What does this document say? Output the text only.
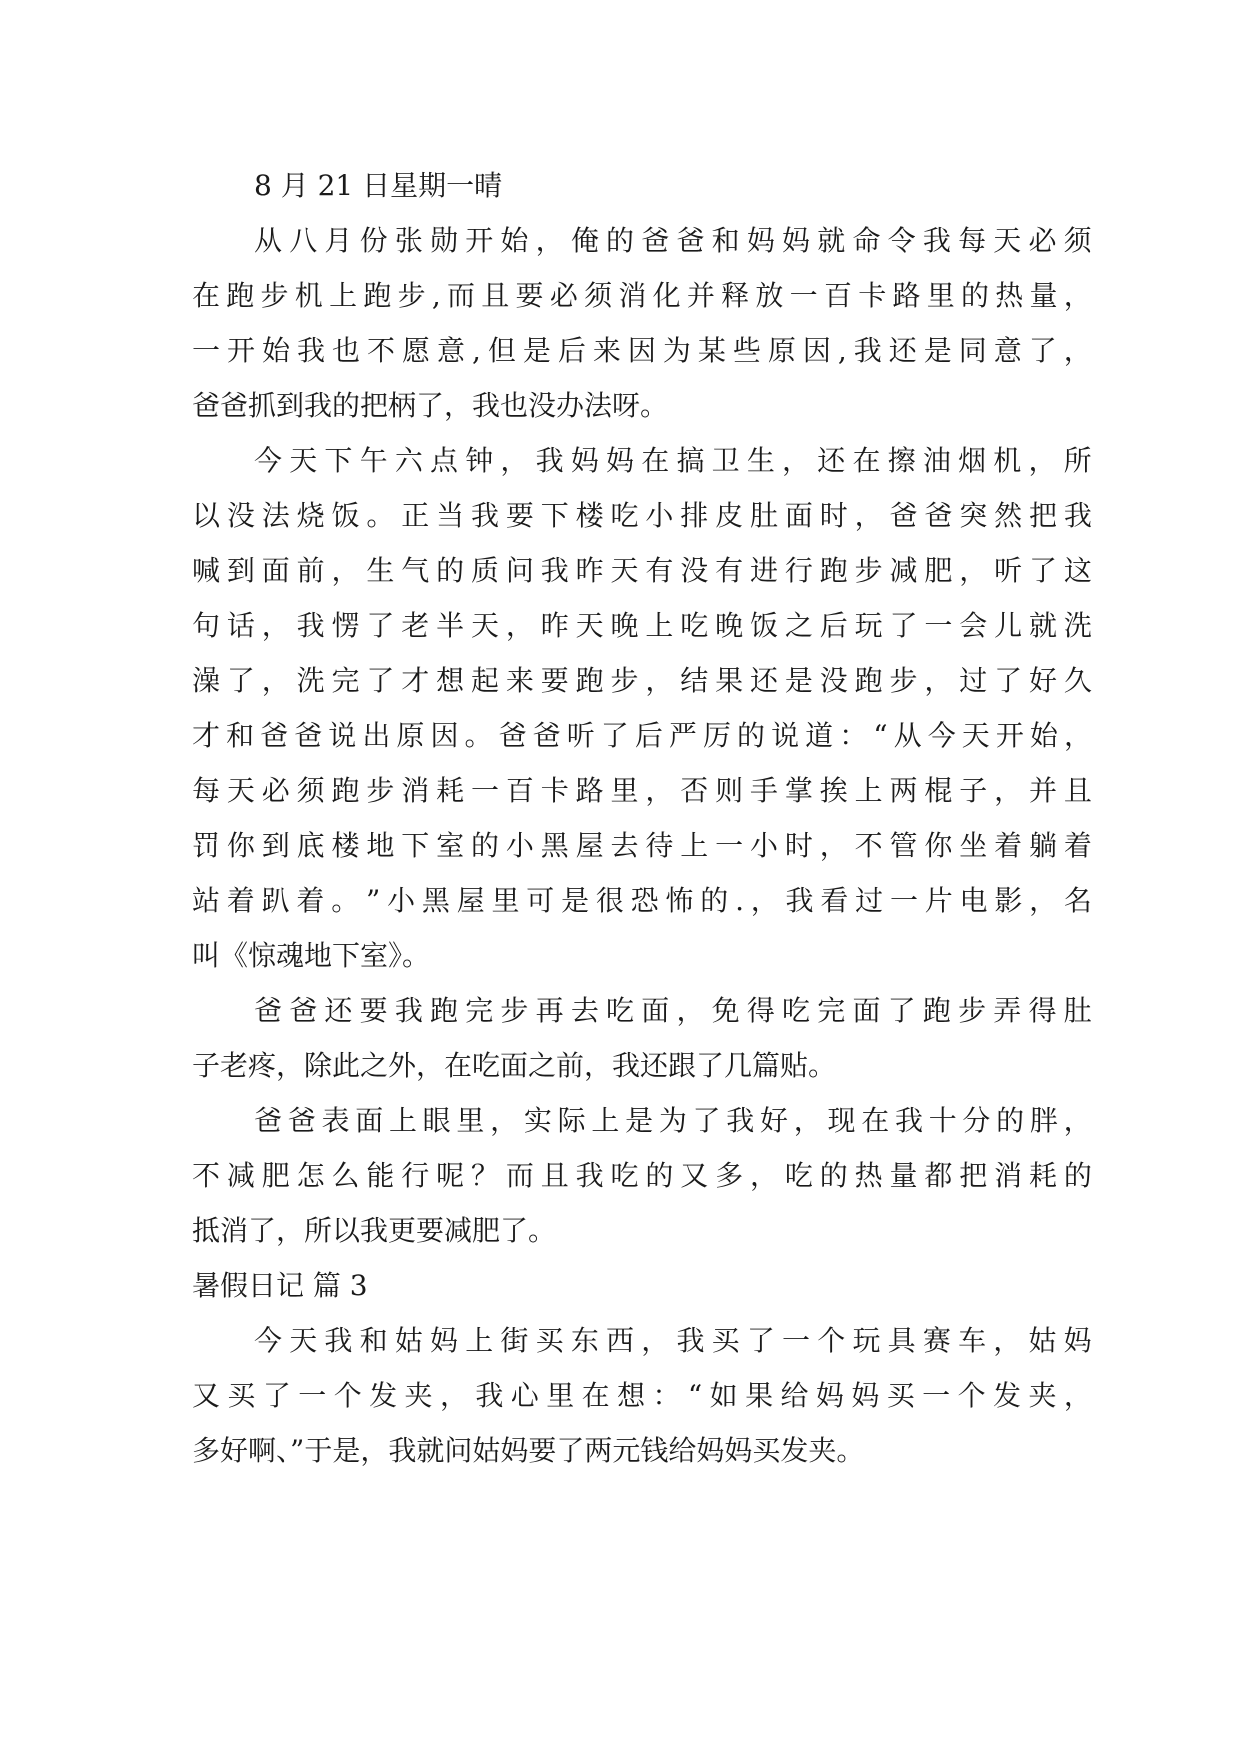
8 月 21 日星期一晴
从 八 月 份 张 勋 开 始 ， 俺 的 爸 爸 和 妈 妈 就 命 令 我 每 天 必 须
在 跑 步 机 上 跑 步 , 而 且 要 必 须 消 化 并 释 放 一 百 卡 路 里 的 热 量 ，
一 开 始 我 也 不 愿 意 , 但 是 后 来 因 为 某 些 原 因 , 我 还 是 同 意 了 ，
爸爸抓到我的把柄了，我也没办法呀。
今 天 下 午 六 点 钟 ， 我 妈 妈 在 搞 卫 生 ， 还 在 擦 油 烟 机 ， 所
以 没 法 烧 饭 。 正 当 我 要 下 楼 吃 小 排 皮 肚 面 时 ， 爸 爸 突 然 把 我
喊 到 面 前 ， 生 气 的 质 问 我 昨 天 有 没 有 进 行 跑 步 减 肥 ， 听 了 这
句 话 ， 我 愣 了 老 半 天 ， 昨 天 晚 上 吃 晚 饭 之 后 玩 了 一 会 儿 就 洗
澡 了 ， 洗 完 了 才 想 起 来 要 跑 步 ， 结 果 还 是 没 跑 步 ， 过 了 好 久
才 和 爸 爸 说 出 原 因 。 爸 爸 听 了 后 严 厉 的 说 道 ： “ 从 今 天 开 始 ，
每 天 必 须 跑 步 消 耗 一 百 卡 路 里 ， 否 则 手 掌 挨 上 两 棍 子 ， 并 且
罚 你 到 底 楼 地 下 室 的 小 黑 屋 去 待 上 一 小 时 ， 不 管 你 坐 着 躺 着
站 着 趴 着 。 ” 小 黑 屋 里 可 是 很 恐 怖 的 . ， 我 看 过 一 片 电 影 ， 名
叫《惊魂地下室》。
爸 爸 还 要 我 跑 完 步 再 去 吃 面 ， 免 得 吃 完 面 了 跑 步 弄 得 肚
子老疼，除此之外，在吃面之前，我还跟了几篇贴。
爸 爸 表 面 上 眼 里 ， 实 际 上 是 为 了 我 好 ， 现 在 我 十 分 的 胖 ，
不 减 肥 怎 么 能 行 呢 ？ 而 且 我 吃 的 又 多 ， 吃 的 热 量 都 把 消 耗 的
抵消了，所以我更要减肥了。
暑假日记 篇 3
今 天 我 和 姑 妈 上 街 买 东 西 ， 我 买 了 一 个 玩 具 赛 车 ， 姑 妈
又 买 了 一 个 发 夹 ， 我 心 里 在 想 ： “ 如 果 给 妈 妈 买 一 个 发 夹 ，
多好啊、”于是，我就问姑妈要了两元钱给妈妈买发夹。
